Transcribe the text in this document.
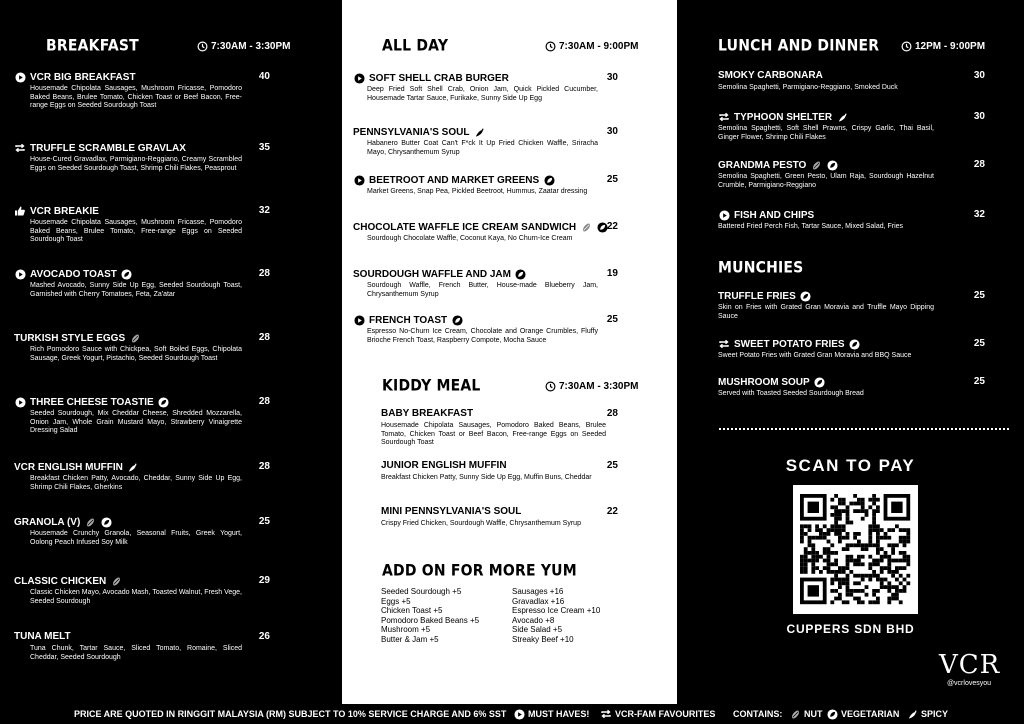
BREAKFAST	7:30AM - 3:30PM
VCR BIG BREAKFAST	40
Housemade Chipolata Sausages, Mushroom Fricasse, Pomodoro Baked Beans, Brulee Tomato, Chicken Toast or Beef Bacon, Free-range Eggs on Seeded Sourdough Toast
TRUFFLE SCRAMBLE GRAVLAX	35
House-Cured Gravadlax, Parmigiano-Reggiano, Creamy Scrambled Eggs on Seeded Sourdough Toast, Shrimp Chili Flakes, Peasprout
VCR BREAKIE	32
Housemade Chipolata Sausages, Mushroom Fricasse, Pomodoro Baked Beans, Brulee Tomato, Free-range Eggs on Seeded Sourdough Toast
AVOCADO TOAST	28
Mashed Avocado, Sunny Side Up Egg, Seeded Sourdough Toast, Garnished with Cherry Tomatoes, Feta, Za'atar
TURKISH STYLE EGGS	28
Rich Pomodoro Sauce with Chickpea, Soft Boiled Eggs, Chipolata Sausage, Greek Yogurt, Pistachio, Seeded Sourdough Toast
THREE CHEESE TOASTIE	28
Seeded Sourdough, Mix Cheddar Cheese, Shredded Mozzarella, Onion Jam, Whole Grain Mustard Mayo, Strawberry Vinaigrette Dressing Salad
VCR ENGLISH MUFFIN	28
Breakfast Chicken Patty, Avocado, Cheddar, Sunny Side Up Egg, Shrimp Chili Flakes, Gherkins
GRANOLA (V)	25
Housemade Crunchy Granola, Seasonal Fruits, Greek Yogurt, Oolong Peach Infused Soy Milk
CLASSIC CHICKEN	29
Classic Chicken Mayo, Avocado Mash, Toasted Walnut, Fresh Vege, Seeded Sourdough
TUNA MELT	26
Tuna Chunk, Tartar Sauce, Sliced Tomato, Romaine, Sliced Cheddar, Seeded Sourdough
ALL DAY	7:30AM - 9:00PM
SOFT SHELL CRAB BURGER	30
Deep Fried Soft Shell Crab, Onion Jam, Quick Pickled Cucumber, Housemade Tartar Sauce, Furikake, Sunny Side Up Egg
PENNSYLVANIA'S SOUL	30
Habanero Butter Coat Can't F*ck It Up Fried Chicken Waffle, Sriracha Mayo, Chrysanthemum Syrup
BEETROOT AND MARKET GREENS	25
Market Greens, Snap Pea, Pickled Beetroot, Hummus, Zaatar dressing
CHOCOLATE WAFFLE ICE CREAM SANDWICH	22
Sourdough Chocolate Waffle, Coconut Kaya, No Churn-Ice Cream
SOURDOUGH WAFFLE AND JAM	19
Sourdough Waffle, French Butter, House-made Blueberry Jam, Chrysanthemum Syrup
FRENCH TOAST	25
Espresso No-Churn Ice Cream, Chocolate and Orange Crumbles, Fluffy Brioche French Toast, Raspberry Compote, Mocha Sauce
KIDDY MEAL	7:30AM - 3:30PM
BABY BREAKFAST	28
Housemade Chipolata Sausages, Pomodoro Baked Beans, Brulee Tomato, Chicken Toast or Beef Bacon, Free-range Eggs on Seeded Sourdough Toast
JUNIOR ENGLISH MUFFIN	25
Breakfast Chicken Patty, Sunny Side Up Egg, Muffin Buns, Cheddar
MINI PENNSYLVANIA'S SOUL	22
Crispy Fried Chicken, Sourdough Waffle, Chrysanthemum Syrup
ADD ON FOR MORE YUM
Seeded Sourdough +5
Eggs +5
Chicken Toast +5
Pomodoro Baked Beans +5
Mushroom +5
Butter & Jam +5
Sausages +16
Gravadlax +16
Espresso Ice Cream +10
Avocado +8
Side Salad +5
Streaky Beef +10
LUNCH AND DINNER	12PM - 9:00PM
SMOKY CARBONARA	30
Semolina Spaghetti, Parmigiano-Reggiano, Smoked Duck
TYPHOON SHELTER	30
Semolina Spaghetti, Soft Shell Prawns, Crispy Garlic, Thai Basil, Ginger Flower, Shrimp Chili Flakes
GRANDMA PESTO	28
Semolina Spaghetti, Green Pesto, Ulam Raja, Sourdough Hazelnut Crumble, Parmigiano-Reggiano
FISH AND CHIPS	32
Battered Fried Perch Fish, Tartar Sauce, Mixed Salad, Fries
MUNCHIES
TRUFFLE FRIES	25
Skin on Fries with Grated Gran Moravia and Truffle Mayo Dipping Sauce
SWEET POTATO FRIES	25
Sweet Potato Fries with Grated Gran Moravia and BBQ Sauce
MUSHROOM SOUP	25
Served with Toasted Seeded Sourdough Bread
SCAN TO PAY
CUPPERS SDN BHD
VCR
@vcrlovesyou
PRICE ARE QUOTED IN RINGGIT MALAYSIA (RM) SUBJECT TO 10% SERVICE CHARGE AND 6% SST MUST HAVES!	VCR-FAM FAVOURITES CONTAINS: NUT VEGETARIAN SPICY
